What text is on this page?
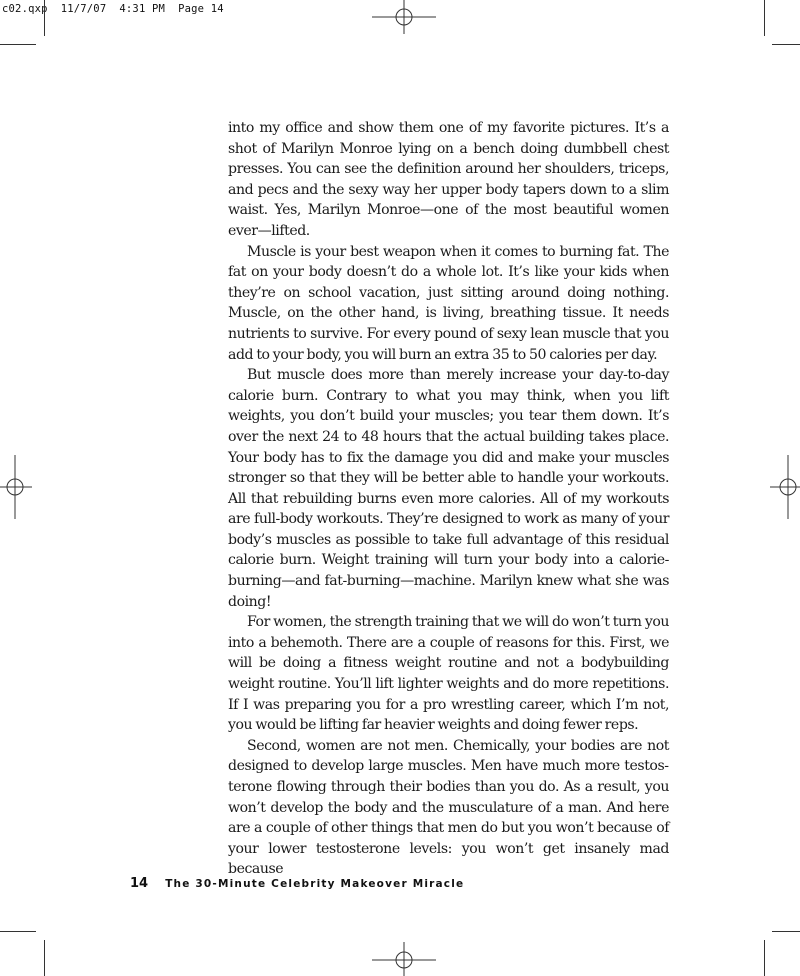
c02.qxp  11/7/07  4:31 PM  Page 14

into my office and show them one of my favorite pictures. It’s a shot of Marilyn Monroe lying on a bench doing dumbbell chest presses. You can see the definition around her shoulders, triceps, and pecs and the sexy way her upper body tapers down to a slim waist. Yes, Marilyn Monroe—one of the most beautiful women ever—lifted.

Muscle is your best weapon when it comes to burning fat. The fat on your body doesn’t do a whole lot. It’s like your kids when they’re on school vacation, just sitting around doing nothing. Muscle, on the other hand, is living, breathing tissue. It needs nutrients to survive. For every pound of sexy lean muscle that you add to your body, you will burn an extra 35 to 50 calories per day.

But muscle does more than merely increase your day-to-day calorie burn. Contrary to what you may think, when you lift weights, you don’t build your muscles; you tear them down. It’s over the next 24 to 48 hours that the actual building takes place. Your body has to fix the damage you did and make your muscles stronger so that they will be better able to handle your workouts. All that rebuilding burns even more calories. All of my workouts are full-body workouts. They’re designed to work as many of your body’s muscles as possible to take full advantage of this residual calorie burn. Weight training will turn your body into a calorie-burning—and fat-burning—machine. Marilyn knew what she was doing!

For women, the strength training that we will do won’t turn you into a behemoth. There are a couple of reasons for this. First, we will be doing a fitness weight routine and not a bodybuilding weight routine. You’ll lift lighter weights and do more repetitions. If I was preparing you for a pro wrestling career, which I’m not, you would be lifting far heavier weights and doing fewer reps.

Second, women are not men. Chemically, your bodies are not designed to develop large muscles. Men have much more testosterone flowing through their bodies than you do. As a result, you won’t develop the body and the musculature of a man. And here are a couple of other things that men do but you won’t because of your lower testosterone levels: you won’t get insanely mad because

14 The 30-Minute Celebrity Makeover Miracle
